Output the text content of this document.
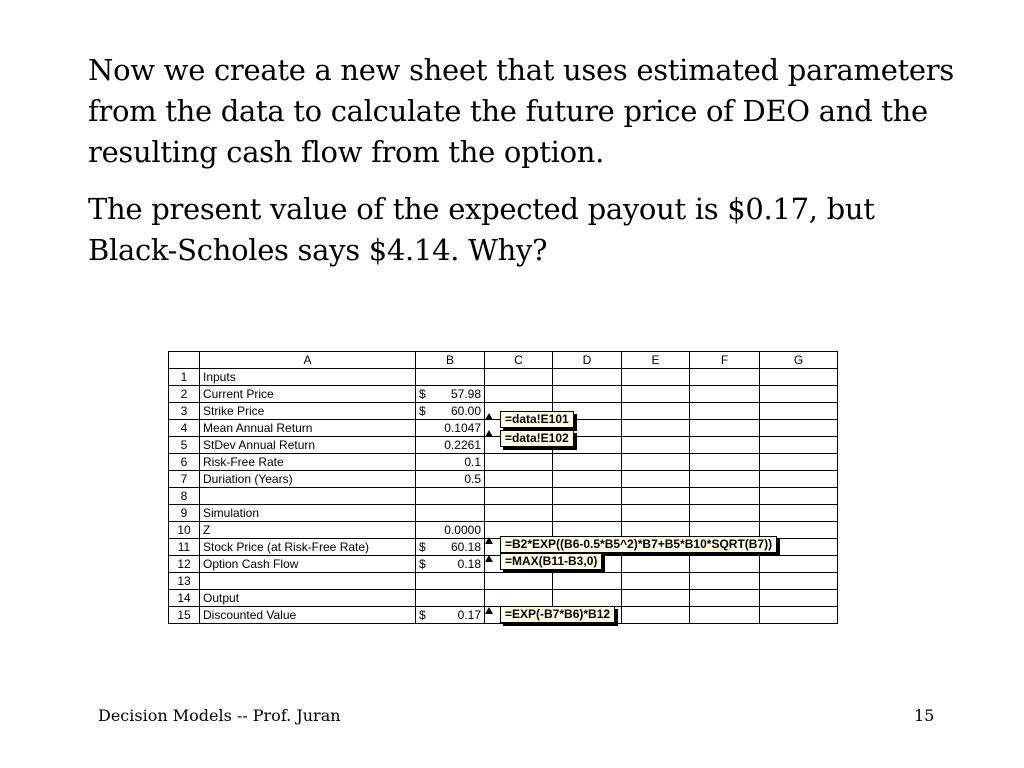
Now we create a new sheet that uses estimated parameters from the data to calculate the future price of DEO and the resulting cash flow from the option.

The present value of the expected payout is $0.17, but Black-Scholes says $4.14. Why?

	A	B	C	D	E	F	G
1	Inputs	

2	Current Price	$ 57.98					
3	Strike Price	$ 60.00					
4	Mean Annual Return	0.1047					
5	StDev Annual Return	0.2261					
6	Risk-Free Rate	0.1					
7	Duriation (Years)	0.5					
8		

9	Simulation	

10	Z	0.0000					
11	Stock Price (at Risk-Free Rate)	$ 60.18					
12	Option Cash Flow	$ 0.18					
13		

14	Output	

15	Discounted Value	$ 0.17					
=data!E101
=data!E102
=B2*EXP((B6-0.5*B5^2)*B7+B5*B10*SQRT(B7))
=MAX(B11-B3,0)
=EXP(-B7*B6)*B12
Decision Models -- Prof. Juran	15
